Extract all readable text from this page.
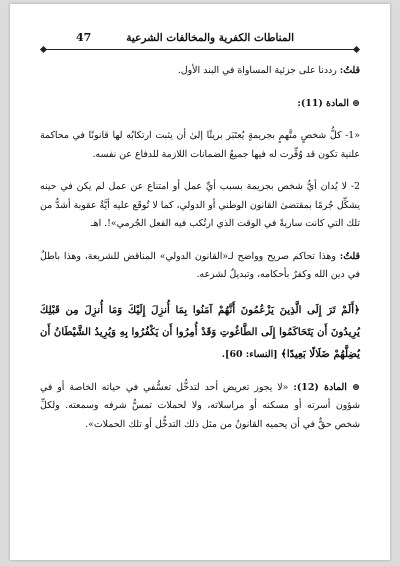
المناطات الكفرية والمخالفات الشرعية
47

قلتُ: رددنا على جزئية المساواة في البند الأول.

⊛ المادة (11):

«1- كلُّ شخصٍ متَّهمٍ بجريمةٍ يُعتَبَر بريئًا إلىٰ أن يثبت ارتكابُه لها قانونًا في محاكمة علنية تكون قد وُفِّرت له فيها جميعُ الضمانات اللازمة للدفاع عن نفسه.

2- لا يُدان أيُّ شخص بجريمة بسبب أيِّ عمل أو امتناع عن عمل لم يكن في حينه يشكِّل جُرمًا بمقتضىٰ القانون الوطني أو الدولي، كما لا تُوقَع عليه أيَّةُ عقوبة أشدُّ من تلك التي كانت ساريةً في الوقت الذي ارتُكب فيه الفعل الجُرمي»!. اهـ

قلتُ: وهذا تحاكم صريح وواضح لـ«القانون الدولي» المناقض للشريعة، وهذا باطلٌ في دين الله وكفرٌ بأحكامه، وتبديلٌ لشرعه.

﴿أَلَمْ تَرَ إِلَى الَّذِينَ يَزْعُمُونَ أَنَّهُمْ آمَنُوا بِمَا أُنزِلَ إِلَيْكَ وَمَا أُنزِلَ مِن قَبْلِكَ يُرِيدُونَ أَن يَتَحَاكَمُوا إِلَى الطَّاغُوتِ وَقَدْ أُمِرُوا أَن يَكْفُرُوا بِهِ وَيُرِيدُ الشَّيْطَانُ أَن يُضِلَّهُمْ ضَلَالًا بَعِيدًا﴾ [النساء: 60].

⊛ المادة (12): «لا يجوز تعريض أحد لتدخُّل تعسُّفي في حياته الخاصة أو في شؤون أسرته أو مسكنه أو مراسلاته، ولا لحملات تمسُّ شرفه وسمعته. ولكلِّ شخص حقٌّ في أن يحميه القانونُ من مثل ذلك التدخُّل أو تلك الحملات».
